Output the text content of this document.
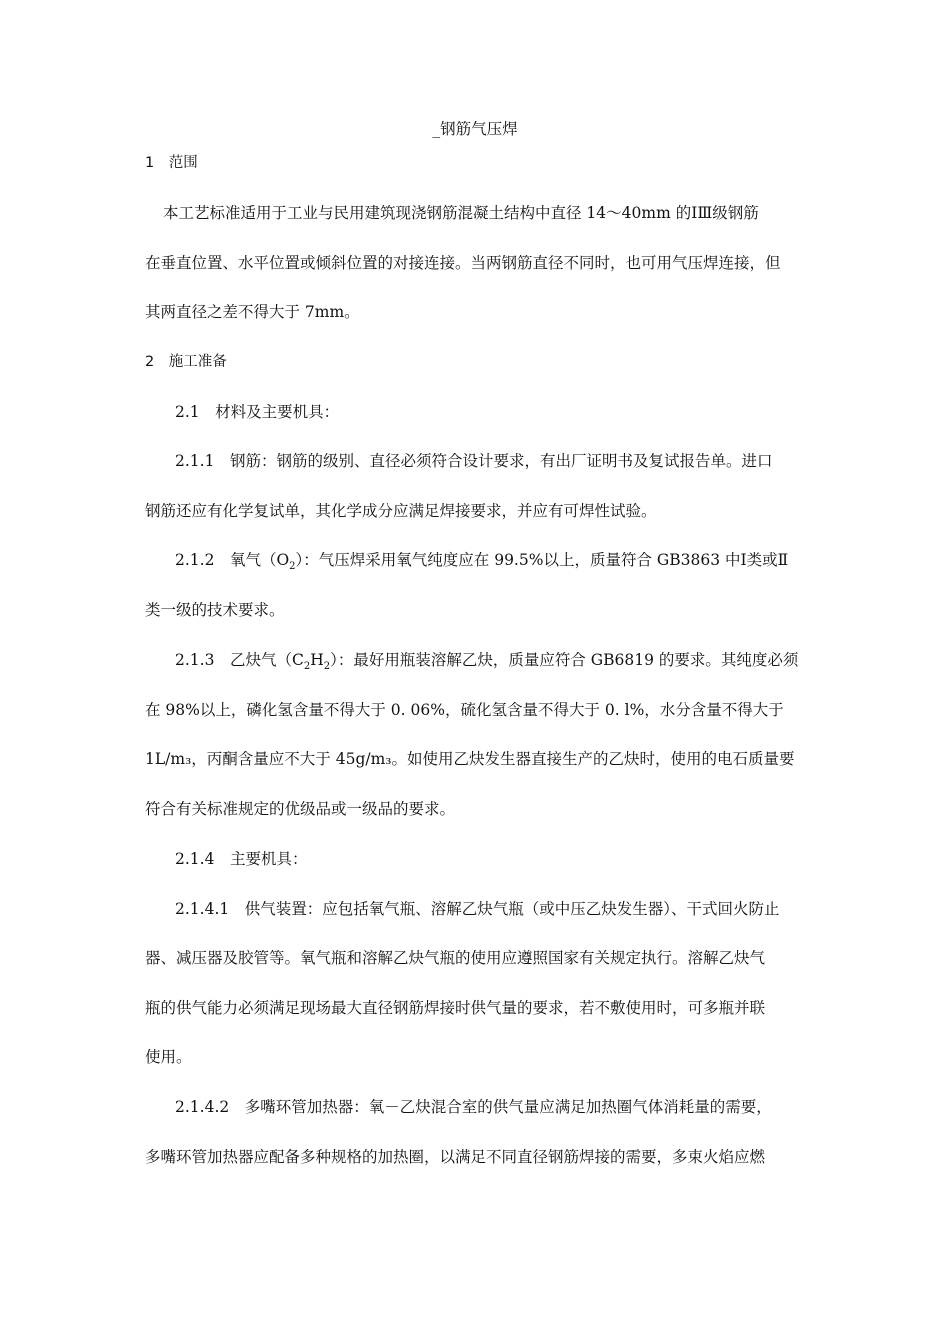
_钢筋气压焊
1　范围
本工艺标准适用于工业与民用建筑现浇钢筋混凝土结构中直径 14～40mm 的ⅠⅢ级钢筋
在垂直位置、水平位置或倾斜位置的对接连接。当两钢筋直径不同时，也可用气压焊连接，但
其两直径之差不得大于 7mm。
2　施工准备
2.1　材料及主要机具：
2.1.1　钢筋：钢筋的级别、直径必须符合设计要求，有出厂证明书及复试报告单。进口
钢筋还应有化学复试单，其化学成分应满足焊接要求，并应有可焊性试验。
2.1.2　氧气$(O_2)$：气压焊采用氧气纯度应在 99.5%以上，质量符合 GB3863 中Ⅰ类或Ⅱ
类一级的技术要求。
2.1.3　乙炔气$(C_2H_2)$：最好用瓶装溶解乙炔，质量应符合 GB6819 的要求。其纯度必须
在 98%以上，磷化氢含量不得大于 0. 06%，硫化氢含量不得大于 0. l%，水分含量不得大于
1L/m₃，丙酮含量应不大于 45g/m₃。如使用乙炔发生器直接生产的乙炔时，使用的电石质量要
符合有关标准规定的优级品或一级品的要求。
2.1.4　主要机具：
2.1.4.1　供气装置：应包括氧气瓶、溶解乙炔气瓶（或中压乙炔发生器）、干式回火防止
器、减压器及胶管等。氧气瓶和溶解乙炔气瓶的使用应遵照国家有关规定执行。溶解乙炔气
瓶的供气能力必须满足现场最大直径钢筋焊接时供气量的要求，若不敷使用时，可多瓶并联
使用。
2.1.4.2　多嘴环管加热器：氧－乙炔混合室的供气量应满足加热圈气体消耗量的需要，
多嘴环管加热器应配备多种规格的加热圈，以满足不同直径钢筋焊接的需要，多束火焰应燃
